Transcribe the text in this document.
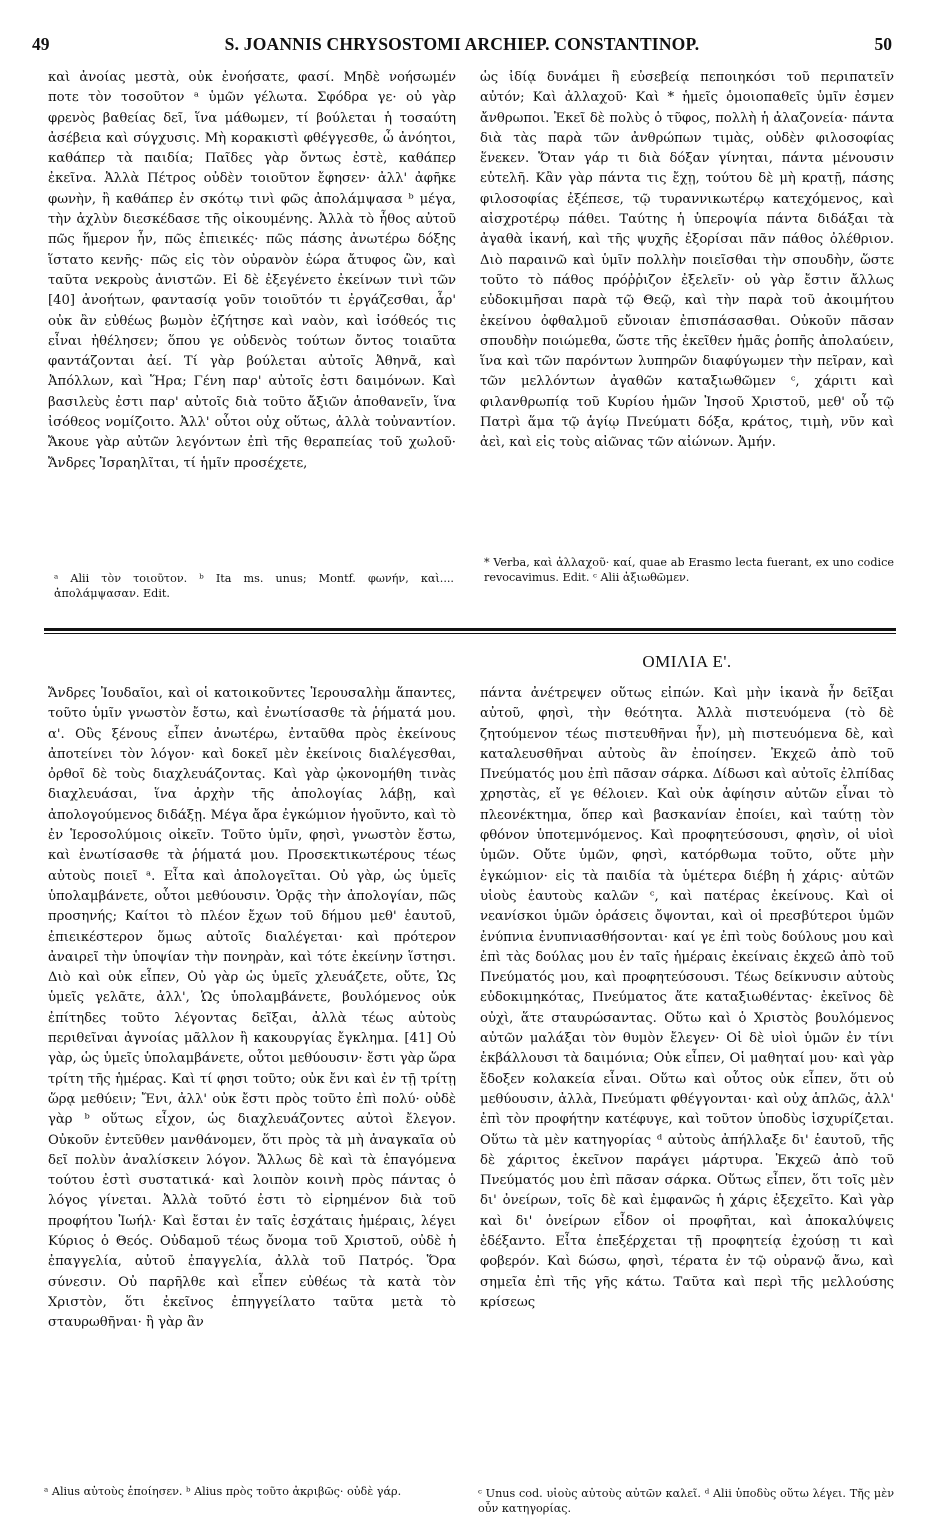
49	S. JOANNIS CHRYSOSTOMI ARCHIEP. CONSTANTINOP.	50

καὶ ἀνοίας μεστὰ, οὐκ ἐνοήσατε, φασί. Μηδὲ νοήσωμέν ποτε τὸν τοσοῦτον ᵃ ὑμῶν γέλωτα. Σφόδρα γε· οὐ γὰρ φρενὸς βαθείας δεῖ, ἵνα μάθωμεν, τί βούλεται ἡ τοσαύτη ἀσέβεια καὶ σύγχυσις. Μὴ κορακιστὶ φθέγγεσθε, ὦ ἀνόητοι, καθάπερ τὰ παιδία; Παῖδες γὰρ ὄντως ἐστὲ, καθάπερ ἐκεῖνα. Ἀλλὰ Πέτρος οὐδὲν τοιοῦτον ἔφησεν· ἀλλ' ἀφῆκε φωνὴν, ἢ καθάπερ ἐν σκότῳ τινὶ φῶς ἀπολάμψασα ᵇ μέγα, τὴν ἀχλὺν διεσκέδασε τῆς οἰκουμένης. Ἀλλὰ τὸ ἦθος αὐτοῦ πῶς ἥμερον ἦν, πῶς ἐπιεικές· πῶς πάσης ἀνωτέρω δόξης ἵστατο κενῆς· πῶς εἰς τὸν οὐρανὸν ἑώρα ἄτυφος ὢν, καὶ ταῦτα νεκροὺς ἀνιστῶν. Εἰ δὲ ἐξεγένετο ἐκείνων τινὶ τῶν [40] ἀνοήτων, φαντασίᾳ γοῦν τοιοῦτόν τι ἐργάζεσθαι, ἆρ' οὐκ ἂν εὐθέως βωμὸν ἐζήτησε καὶ ναὸν, καὶ ἰσόθεός τις εἶναι ἠθέλησεν; ὅπου γε οὐδενὸς τούτων ὄντος τοιαῦτα φαντάζονται ἀεί. Τί γὰρ βούλεται αὐτοῖς Ἀθηνᾶ, καὶ Ἀπόλλων, καὶ Ἥρα; Γένη παρ' αὐτοῖς ἐστι δαιμόνων. Καὶ βασιλεὺς ἐστι παρ' αὐτοῖς διὰ τοῦτο ἄξιῶν ἀποθανεῖν, ἵνα ἰσόθεος νομίζοιτο. Ἀλλ' οὗτοι οὐχ οὕτως, ἀλλὰ τοὐναντίον. Ἄκουε γὰρ αὐτῶν λεγόντων ἐπὶ τῆς θεραπείας τοῦ χωλοῦ· Ἄνδρες Ἰσραηλῖται, τί ἡμῖν προσέχετε,

ὡς ἰδίᾳ δυνάμει ἢ εὐσεβείᾳ πεποιηκόσι τοῦ περιπατεῖν αὐτόν; Καὶ ἀλλαχοῦ· Καὶ * ἡμεῖς ὁμοιοπαθεῖς ὑμῖν ἐσμεν ἄνθρωποι. Ἐκεῖ δὲ πολὺς ὁ τῦφος, πολλὴ ἡ ἀλαζονεία· πάντα διὰ τὰς παρὰ τῶν ἀνθρώπων τιμὰς, οὐδὲν φιλοσοφίας ἕνεκεν. Ὅταν γάρ τι διὰ δόξαν γίνηται, πάντα μένουσιν εὐτελῆ. Κἂν γὰρ πάντα τις ἔχῃ, τούτου δὲ μὴ κρατῇ, πάσης φιλοσοφίας ἐξέπεσε, τῷ τυραννικωτέρῳ κατεχόμενος, καὶ αἰσχροτέρῳ πάθει. Ταύτης ἡ ὑπεροψία πάντα διδάξαι τὰ ἀγαθὰ ἱκανή, καὶ τῆς ψυχῆς ἐξορίσαι πᾶν πάθος ὀλέθριον. Διὸ παραινῶ καὶ ὑμῖν πολλὴν ποιεῖσθαι τὴν σπουδὴν, ὥστε τοῦτο τὸ πάθος πρόῤῥιζον ἐξελεῖν· οὐ γὰρ ἔστιν ἄλλως εὐδοκιμῆσαι παρὰ τῷ Θεῷ, καὶ τὴν παρὰ τοῦ ἀκοιμήτου ἐκείνου ὀφθαλμοῦ εὔνοιαν ἐπισπάσασθαι. Οὐκοῦν πᾶσαν σπουδὴν ποιώμεθα, ὥστε τῆς ἐκεῖθεν ἡμᾶς ῥοπῆς ἀπολαύειν, ἵνα καὶ τῶν παρόντων λυπηρῶν διαφύγωμεν τὴν πεῖραν, καὶ τῶν μελλόντων ἀγαθῶν καταξιωθῶμεν ᶜ, χάριτι καὶ φιλανθρωπίᾳ τοῦ Κυρίου ἡμῶν Ἰησοῦ Χριστοῦ, μεθ' οὗ τῷ Πατρὶ ἅμα τῷ ἁγίῳ Πνεύματι δόξα, κράτος, τιμὴ, νῦν καὶ ἀεὶ, καὶ εἰς τοὺς αἰῶνας τῶν αἰώνων. Ἀμήν.

ᵃ Alii τὸν τοιοῦτον. ᵇ Ita ms. unus; Montf. φωνήν, καὶ.... ἀπολάμψασαν. Edit.

* Verba, καὶ ἀλλαχοῦ· καί, quae ab Erasmo lecta fuerant, ex uno codice revocavimus. Edit. ᶜ Alii ἀξιωθῶμεν.

ΟΜΙΛΙΑ Ε'.

Ἄνδρες Ἰουδαῖοι, καὶ οἱ κατοικοῦντες Ἱερουσαλὴμ ἅπαντες, τοῦτο ὑμῖν γνωστὸν ἔστω, καὶ ἐνωτίσασθε τὰ ῥήματά μου. α'. Οὓς ξένους εἶπεν ἀνωτέρω, ἐνταῦθα πρὸς ἐκείνους ἀποτείνει τὸν λόγον· καὶ δοκεῖ μὲν ἐκείνοις διαλέγεσθαι, ὀρθοῖ δὲ τοὺς διαχλευάζοντας. Καὶ γὰρ ᾠκονομήθη τινὰς διαχλευάσαι, ἵνα ἀρχὴν τῆς ἀπολογίας λάβῃ, καὶ ἀπολογούμενος διδάξῃ. Μέγα ἄρα ἐγκώμιον ἡγοῦντο, καὶ τὸ ἐν Ἱεροσολύμοις οἰκεῖν. Τοῦτο ὑμῖν, φησὶ, γνωστὸν ἔστω, καὶ ἐνωτίσασθε τὰ ῥήματά μου. Προσεκτικωτέρους τέως αὐτοὺς ποιεῖ ᵃ. Εἶτα καὶ ἀπολογεῖται. Οὐ γὰρ, ὡς ὑμεῖς ὑπολαμβάνετε, οὗτοι μεθύουσιν. Ὁρᾷς τὴν ἀπολογίαν, πῶς προσηνής; Καίτοι τὸ πλέον ἔχων τοῦ δήμου μεθ' ἑαυτοῦ, ἐπιεικέστερον ὅμως αὐτοῖς διαλέγεται· καὶ πρότερον ἀναιρεῖ τὴν ὑποψίαν τὴν πονηρὰν, καὶ τότε ἐκείνην ἵστησι. Διὸ καὶ οὐκ εἶπεν, Οὐ γὰρ ὡς ὑμεῖς χλευάζετε, οὔτε, Ὡς ὑμεῖς γελᾶτε, ἀλλ', Ὡς ὑπολαμβάνετε, βουλόμενος οὐκ ἐπίτηδες τοῦτο λέγοντας δεῖξαι, ἀλλὰ τέως αὐτοὺς περιθεῖναι ἀγνοίας μᾶλλον ἢ κακουργίας ἔγκλημα. [41] Οὐ γὰρ, ὡς ὑμεῖς ὑπολαμβάνετε, οὗτοι μεθύουσιν· ἔστι γὰρ ὥρα τρίτη τῆς ἡμέρας. Καὶ τί φησι τοῦτο; οὐκ ἔνι καὶ ἐν τῇ τρίτῃ ὥρᾳ μεθύειν; Ἔνι, ἀλλ' οὐκ ἔστι πρὸς τοῦτο ἐπὶ πολύ· οὐδὲ γὰρ ᵇ οὕτως εἶχον, ὡς διαχλευάζοντες αὐτοὶ ἔλεγον. Οὐκοῦν ἐντεῦθεν μανθάνομεν, ὅτι πρὸς τὰ μὴ ἀναγκαῖα οὐ δεῖ πολὺν ἀναλίσκειν λόγον. Ἄλλως δὲ καὶ τὰ ἐπαγόμενα τούτου ἐστὶ συστατικά· καὶ λοιπὸν κοινὴ πρὸς πάντας ὁ λόγος γίνεται. Ἀλλὰ τοῦτό ἐστι τὸ εἰρημένον διὰ τοῦ προφήτου Ἰωήλ· Καὶ ἔσται ἐν ταῖς ἐσχάταις ἡμέραις, λέγει Κύριος ὁ Θεός. Οὐδαμοῦ τέως ὄνομα τοῦ Χριστοῦ, οὐδὲ ἡ ἐπαγγελία, αὐτοῦ ἐπαγγελία, ἀλλὰ τοῦ Πατρός. Ὅρα σύνεσιν. Οὐ παρῆλθε καὶ εἶπεν εὐθέως τὰ κατὰ τὸν Χριστὸν, ὅτι ἐκεῖνος ἐπηγγείλατο ταῦτα μετὰ τὸ σταυρωθῆναι· ἢ γὰρ ἂν

πάντα ἀνέτρεψεν οὕτως εἰπών. Καὶ μὴν ἱκανὰ ἦν δεῖξαι αὐτοῦ, φησὶ, τὴν θεότητα. Ἀλλὰ πιστευόμενα (τὸ δὲ ζητούμενον τέως πιστευθῆναι ἦν), μὴ πιστευόμενα δὲ, καὶ καταλευσθῆναι αὐτοὺς ἂν ἐποίησεν. Ἐκχεῶ ἀπὸ τοῦ Πνεύματός μου ἐπὶ πᾶσαν σάρκα. Δίδωσι καὶ αὐτοῖς ἐλπίδας χρηστὰς, εἴ γε θέλοιεν. Καὶ οὐκ ἀφίησιν αὐτῶν εἶναι τὸ πλεονέκτημα, ὅπερ καὶ βασκανίαν ἐποίει, καὶ ταύτῃ τὸν φθόνον ὑποτεμνόμενος. Καὶ προφητεύσουσι, φησὶν, οἱ υἱοὶ ὑμῶν. Οὔτε ὑμῶν, φησὶ, κατόρθωμα τοῦτο, οὔτε μὴν ἐγκώμιον· εἰς τὰ παιδία τὰ ὑμέτερα διέβη ἡ χάρις· αὐτῶν υἱοὺς ἑαυτοὺς καλῶν ᶜ, καὶ πατέρας ἐκείνους. Καὶ οἱ νεανίσκοι ὑμῶν ὁράσεις ὄψονται, καὶ οἱ πρεσβύτεροι ὑμῶν ἐνύπνια ἐνυπνιασθήσονται· καί γε ἐπὶ τοὺς δούλους μου καὶ ἐπὶ τὰς δούλας μου ἐν ταῖς ἡμέραις ἐκείναις ἐκχεῶ ἀπὸ τοῦ Πνεύματός μου, καὶ προφητεύσουσι. Τέως δείκνυσιν αὐτοὺς εὐδοκιμηκότας, Πνεύματος ἅτε καταξιωθέντας· ἐκεῖνος δὲ οὐχὶ, ἅτε σταυρώσαντας. Οὕτω καὶ ὁ Χριστὸς βουλόμενος αὐτῶν μαλάξαι τὸν θυμὸν ἔλεγεν· Οἱ δὲ υἱοὶ ὑμῶν ἐν τίνι ἐκβάλλουσι τὰ δαιμόνια; Οὐκ εἶπεν, Οἱ μαθηταί μου· καὶ γὰρ ἔδοξεν κολακεία εἶναι. Οὕτω καὶ οὗτος οὐκ εἶπεν, ὅτι οὐ μεθύουσιν, ἀλλὰ, Πνεύματι φθέγγονται· καὶ οὐχ ἁπλῶς, ἀλλ' ἐπὶ τὸν προφήτην κατέφυγε, καὶ τοῦτον ὑποδὺς ἰσχυρίζεται. Οὕτω τὰ μὲν κατηγορίας ᵈ αὐτοὺς ἀπήλλαξε δι' ἑαυτοῦ, τῆς δὲ χάριτος ἐκεῖνον παράγει μάρτυρα. Ἐκχεῶ ἀπὸ τοῦ Πνεύματός μου ἐπὶ πᾶσαν σάρκα. Οὕτως εἶπεν, ὅτι τοῖς μὲν δι' ὀνείρων, τοῖς δὲ καὶ ἐμφανῶς ἡ χάρις ἐξεχεῖτο. Καὶ γὰρ καὶ δι' ὀνείρων εἶδον οἱ προφῆται, καὶ ἀποκαλύψεις ἐδέξαντο. Εἶτα ἐπεξέρχεται τῇ προφητείᾳ ἐχούσῃ τι καὶ φοβερόν. Καὶ δώσω, φησὶ, τέρατα ἐν τῷ οὐρανῷ ἄνω, καὶ σημεῖα ἐπὶ τῆς γῆς κάτω. Ταῦτα καὶ περὶ τῆς μελλούσης κρίσεως

ᵃ Alius αὐτοὺς ἐποίησεν. ᵇ Alius πρὸς τοῦτο ἀκριβῶς· οὐδὲ γάρ.	ᶜ Unus cod. υἱοὺς αὐτοὺς αὐτῶν καλεῖ. ᵈ Alii ὑποδὺς οὕτω λέγει. Τῆς μὲν οὖν κατηγορίας.
